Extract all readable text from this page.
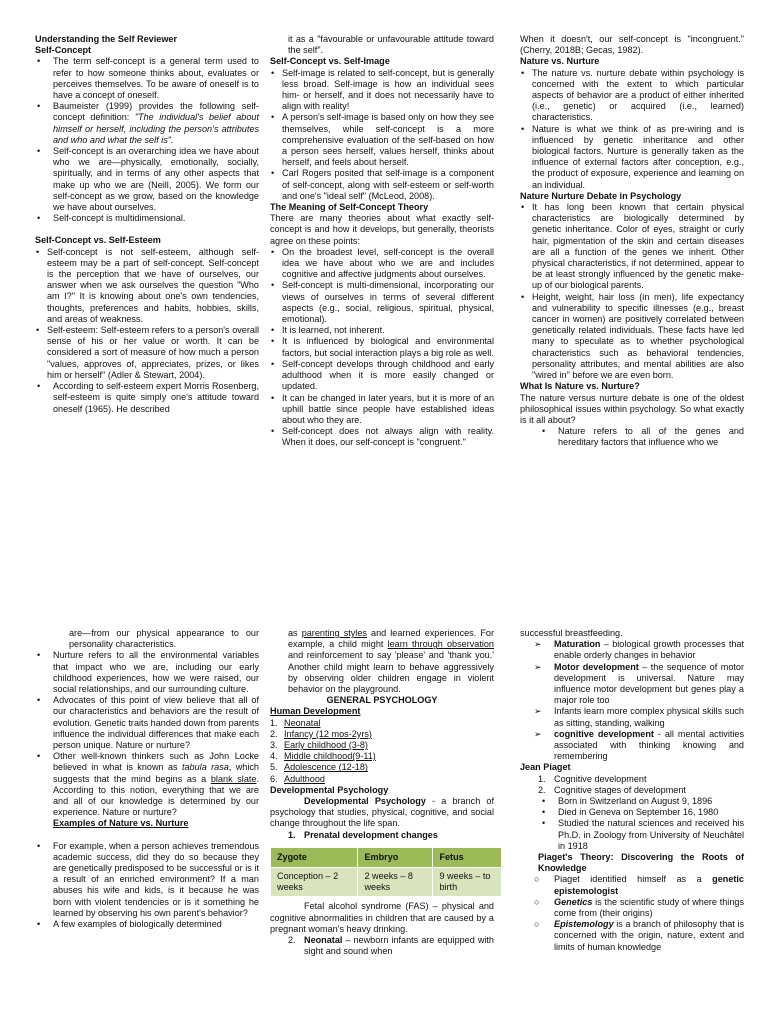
Understanding the Self Reviewer

Self-Concept

• The term self-concept is a general term used to refer to how someone thinks about, evaluates or perceives themselves. To be aware of oneself is to have a concept of oneself.
• Baumeister (1999) provides the following self-concept definition: "The individual's belief about himself or herself, including the person's attributes and who and what the self is".
• Self-concept is an overarching idea we have about who we are—physically, emotionally, socially, spiritually, and in terms of any other aspects that make up who we are (Neill, 2005). We form our self-concept as we grow, based on the knowledge we have about ourselves.
• Self-concept is multidimensional.

Self-Concept vs. Self-Esteem

• Self-concept is not self-esteem, although self-esteem may be a part of self-concept. Self-concept is the perception that we have of ourselves, our answer when we ask ourselves the question "Who am I?" It is knowing about one's own tendencies, thoughts, preferences and habits, hobbies, skills, and areas of weakness.
• Self-esteem: Self-esteem refers to a person's overall sense of his or her value or worth. It can be considered a sort of measure of how much a person "values, approves of, appreciates, prizes, or likes him or herself" (Adler & Stewart, 2004).
• According to self-esteem expert Morris Rosenberg, self-esteem is quite simply one's attitude toward oneself (1965). He described

it as a "favourable or unfavourable attitude toward the self".

Self-Concept vs. Self-Image

• Self-image is related to self-concept, but is generally less broad. Self-image is how an individual sees him- or herself, and it does not necessarily have to align with reality!
• A person's self-image is based only on how they see themselves, while self-concept is a more comprehensive evaluation of the self-based on how a person sees herself, values herself, thinks about herself, and feels about herself.
• Carl Rogers posited that self-image is a component of self-concept, along with self-esteem or self-worth and one's "ideal self" (McLeod, 2008).

The Meaning of Self-Concept Theory

There are many theories about what exactly self-concept is and how it develops, but generally, theorists agree on these points:

• On the broadest level, self-concept is the overall idea we have about who we are and includes cognitive and affective judgments about ourselves.
• Self-concept is multi-dimensional, incorporating our views of ourselves in terms of several different aspects (e.g., social, religious, spiritual, physical, emotional).
• It is learned, not inherent.
• It is influenced by biological and environmental factors, but social interaction plays a big role as well.
• Self-concept develops through childhood and early adulthood when it is more easily changed or updated.
• It can be changed in later years, but it is more of an uphill battle since people have established ideas about who they are.
• Self-concept does not always align with reality. When it does, our self-concept is "congruent."

When it doesn't, our self-concept is "incongruent." (Cherry, 2018B; Gecas, 1982).

Nature vs. Nurture

• The nature vs. nurture debate within psychology is concerned with the extent to which particular aspects of behavior are a product of either inherited (i.e., genetic) or acquired (i.e., learned) characteristics.
• Nature is what we think of as pre-wiring and is influenced by genetic inheritance and other biological factors. Nurture is generally taken as the influence of external factors after conception, e.g., the product of exposure, experience and learning on an individual.

Nature Nurture Debate in Psychology

• It has long been known that certain physical characteristics are biologically determined by genetic inheritance. Color of eyes, straight or curly hair, pigmentation of the skin and certain diseases are all a function of the genes we inherit. Other physical characteristics, if not determined, appear to be at least strongly influenced by the genetic make-up of our biological parents.
• Height, weight, hair loss (in men), life expectancy and vulnerability to specific illnesses (e.g., breast cancer in women) are positively correlated between genetically related individuals. These facts have led many to speculate as to whether psychological characteristics such as behavioral tendencies, personality attributes, and mental abilities are also "wired in" before we are even born.

What Is Nature vs. Nurture?

The nature versus nurture debate is one of the oldest philosophical issues within psychology. So what exactly is it all about?

• Nature refers to all of the genes and hereditary factors that influence who we

are—from our physical appearance to our personality characteristics.

• Nurture refers to all the environmental variables that impact who we are, including our early childhood experiences, how we were raised, our social relationships, and our surrounding culture.
• Advocates of this point of view believe that all of our characteristics and behaviors are the result of evolution. Genetic traits handed down from parents influence the individual differences that make each person unique. Nature or nurture?
• Other well-known thinkers such as John Locke believed in what is known as tabula rasa, which suggests that the mind begins as a blank slate. According to this notion, everything that we are and all of our knowledge is determined by our experience. Nature or nurture?

Examples of Nature vs. Nurture

• For example, when a person achieves tremendous academic success, did they do so because they are genetically predisposed to be successful or is it a result of an enriched environment? If a man abuses his wife and kids, is it because he was born with violent tendencies or is it something he learned by observing his own parent's behavior?
• A few examples of biologically determined

as parenting styles and learned experiences. For example, a child might learn through observation and reinforcement to say 'please' and 'thank you.' Another child might learn to behave aggressively by observing older children engage in violent behavior on the playground.

GENERAL PSYCHOLOGY

Human Development

1. Neonatal
2. Infancy (12 mos-2yrs)
3. Early childhood (3-8)
4. Middle childhood(9-11)
5. Adolescence (12-18)
6. Adulthood

Developmental Psychology

Developmental Psychology - a branch of psychology that studies, physical, cognitive, and social change throughout the life span.

1. Prenatal development changes
Zygote	Embryo	Fetus
Conception – 2 weeks	2 weeks – 8 weeks	9 weeks – to birth

Fetal alcohol syndrome (FAS) – physical and cognitive abnormalities in children that are caused by a pregnant woman's heavy drinking.

2. Neonatal – newborn infants are equipped with sight and sound when

successful breastfeeding.

➢ Maturation – biological growth processes that enable orderly changes in behavior
➢ Motor development – the sequence of motor development is universal. Nature may influence motor development but genes play a major role too
➢ Infants learn more complex physical skills such as sitting, standing, walking
➢ cognitive development - all mental activities associated with thinking knowing and remembering

Jean Piaget

1. Cognitive development
2. Cognitive stages of development
• Born in Switzerland on August 9, 1896
• Died in Geneva on September 16, 1980
• Studied the natural sciences and received his Ph.D. in Zoology from University of Neuchâtel in 1918

Piaget's Theory: Discovering the Roots of Knowledge

○ Piaget identified himself as a genetic epistemologist
○ Genetics is the scientific study of where things come from (their origins)
○ Epistemology is a branch of philosophy that is concerned with the origin, nature, extent and limits of human knowledge
